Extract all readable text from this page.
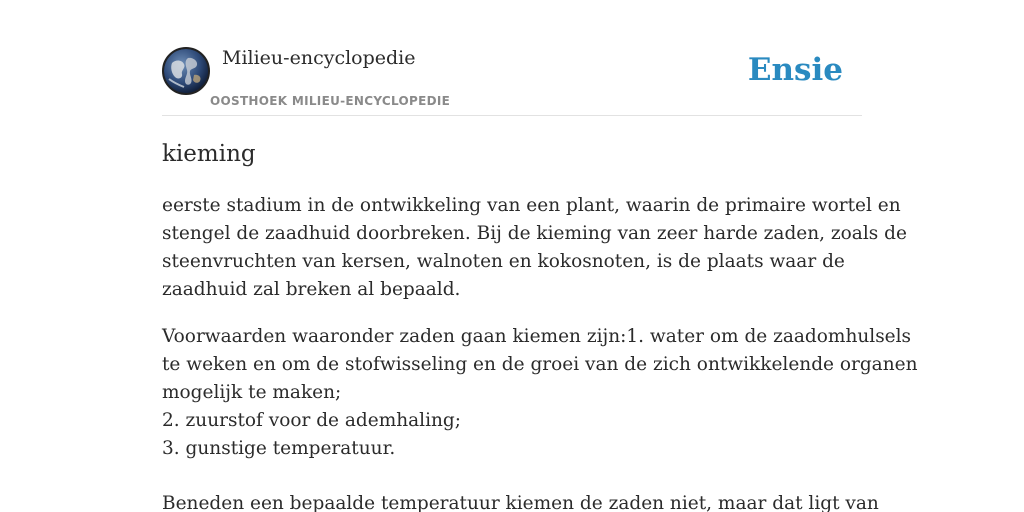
Milieu-encyclopedie
OOSTHOEK MILIEU-ENCYCLOPEDIE
Ensie
kieming
eerste stadium in de ontwikkeling van een plant, waarin de primaire wortel en
stengel de zaadhuid doorbreken. Bij de kieming van zeer harde zaden, zoals de
steenvruchten van kersen, walnoten en kokosnoten, is de plaats waar de
zaadhuid zal breken al bepaald.
Voorwaarden waaronder zaden gaan kiemen zijn:1. water om de zaadomhulsels
te weken en om de stofwisseling en de groei van de zich ontwikkelende organen
mogelijk te maken;
2. zuurstof voor de ademhaling;
3. gunstige temperatuur.
Beneden een bepaalde temperatuur kiemen de zaden niet, maar dat ligt van
